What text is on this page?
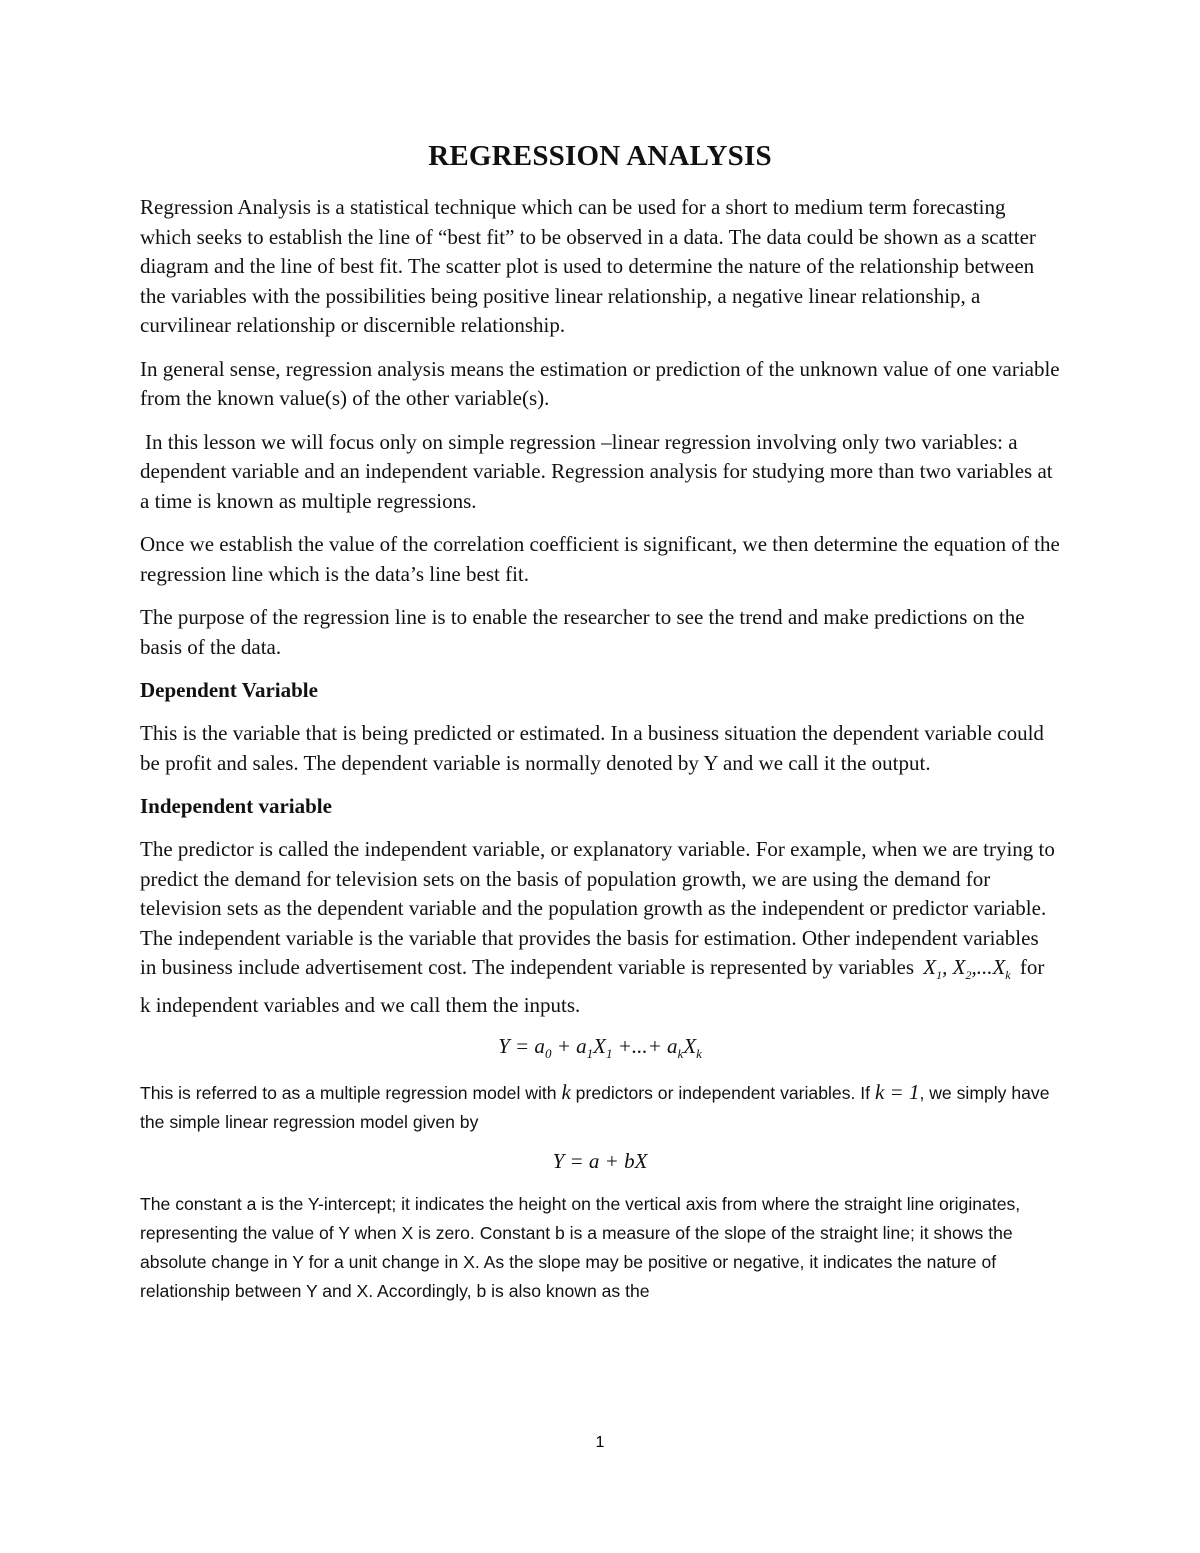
REGRESSION ANALYSIS

Regression Analysis is a statistical technique which can be used for a short to medium term forecasting which seeks to establish the line of “best fit” to be observed in a data. The data could be shown as a scatter diagram and the line of best fit. The scatter plot is used to determine the nature of the relationship between the variables with the possibilities being positive linear relationship, a negative linear relationship, a curvilinear relationship or discernible relationship.

In general sense, regression analysis means the estimation or prediction of the unknown value of one variable from the known value(s) of the other variable(s).

In this lesson we will focus only on simple regression –linear regression involving only two variables: a dependent variable and an independent variable. Regression analysis for studying more than two variables at a time is known as multiple regressions.

Once we establish the value of the correlation coefficient is significant, we then determine the equation of the regression line which is the data’s line best fit.

The purpose of the regression line is to enable the researcher to see the trend and make predictions on the basis of the data.

Dependent Variable

This is the variable that is being predicted or estimated. In a business situation the dependent variable could be profit and sales. The dependent variable is normally denoted by Y and we call it the output.

Independent variable

The predictor is called the independent variable, or explanatory variable. For example, when we are trying to predict the demand for television sets on the basis of population growth, we are using the demand for television sets as the dependent variable and the population growth as the independent or predictor variable. The independent variable is the variable that provides the basis for estimation. Other independent variables in business include advertisement cost. The independent variable is represented by variables $X_1$, $X_2,...X_k$ for k independent variables and we call them the inputs.

$Y = a_0 + a_1X_1$ +...+ $a_kX_k$

This is referred to as a multiple regression model with k predictors or independent variables. If k = 1, we simply have the simple linear regression model given by

Y = a + bX

The constant a is the Y-intercept; it indicates the height on the vertical axis from where the straight line originates, representing the value of Y when X is zero. Constant b is a measure of the slope of the straight line; it shows the absolute change in Y for a unit change in X. As the slope may be positive or negative, it indicates the nature of relationship between Y and X. Accordingly, b is also known as the

1
